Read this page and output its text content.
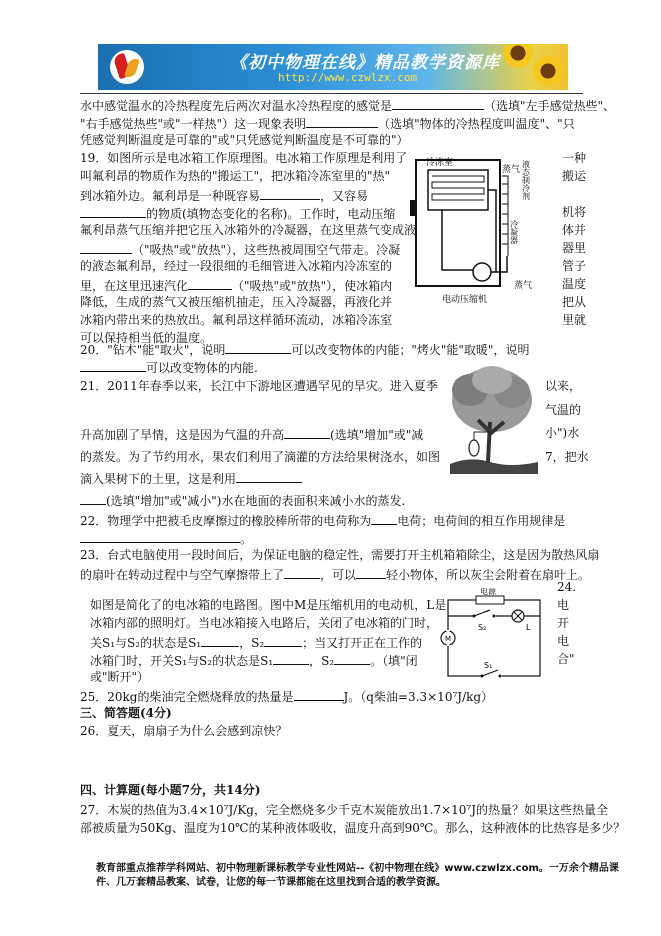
《初中物理在线》精品教学资源库
http://www.czwlzx.com
水中感觉温水的冷热程度先后两次对温水冷热程度的感觉是	（选填"左手感觉热些"、
"右手感觉热些"或"一样热"）这一现象表明	（选填"物体的冷热程度叫温度"、"只
凭感觉判断温度是可靠的"或"只凭感觉判断温度是不可靠的"）
19．如图所示是电冰箱工作原理图。电冰箱工作原理是利用了	一种
叫氟利昂的物质作为热的"搬运工"，把冰箱冷冻室里的"热"	搬运
到冰箱外边。氟利昂是一种既容易	，又容易
的物质(填物态变化的名称)。工作时，电动压缩	机将
氟利昂蒸气压缩并把它压入冰箱外的冷凝器，在这里蒸气变成液	体并
（"吸热"或"放热"），这些热被周围空气带走。冷凝	器里
的液态氟利昂，经过一段很细的毛细管进入冰箱内冷冻室的	管子
里，在这里迅速汽化	（"吸热"或"放热"），使冰箱内	温度
降低，生成的蒸气又被压缩机抽走，压入冷凝器，再液化并	把从
冰箱内带出来的热放出。氟利昂这样循环流动，冰箱冷冻室	里就
可以保持相当低的温度。
冷冻室
蒸气 液态制冷剂
冷凝器
蒸气
电动压缩机
20．"钻木"能"取火"，说明	可以改变物体的内能；"烤火"能"取暖"，说明
可以改变物体的内能.
21．2011年春季以来，长江中下游地区遭遇罕见的旱灾。进入夏季	以来，
气温的
升高加剧了旱情，这是因为气温的升高	(选填"增加"或"减	小")水
的蒸发。为了节约用水，果农们利用了滴灌的方法给果树浇水，如图	7，把水
滴入果树下的土里，这是利用
(选填"增加"或"减小")水在地面的表面积来减小水的蒸发.
22．物理学中把被毛皮摩擦过的橡胶棒所带的电荷称为 电荷；电荷间的相互作用规律是
。
23．台式电脑使用一段时间后，为保证电脑的稳定性，需要打开主机箱箱除尘，这是因为散热风扇
的扇叶在转动过程中与空气摩擦带上了	，可以	轻小物体，所以灰尘会附着在扇叶上。
24.
如图是简化了的电冰箱的电路图。图中M是压缩机用的电动机，L是	电
冰箱内部的照明灯。当电冰箱接入电路后，关闭了电冰箱的门时，	开
关S₁与S₂的状态是S₁	，S₂	；当又打开正在工作的	电
冰箱门时，开关S₁与S₂的状态是S₁	，S₂	。（填"闭	合"
或"断开"）
电源
M
L
S₂
S₁
25．20kg的柴油完全燃烧释放的热量是	J。（q柴油=3.3×10⁷J/kg）
三、简答题(4分)
26．夏天，扇扇子为什么会感到凉快？
四、计算题(每小题7分，共14分)
27．木炭的热值为3.4×10⁷J/Kg，完全燃烧多少千克木炭能放出1.7×10⁷J的热量？如果这些热量全
部被质量为50Kg、温度为10℃的某种液体吸收，温度升高到90℃。那么，这种液体的比热容是多少？
教育部重点推荐学科网站、初中物理新课标教学专业性网站--《初中物理在线》www.czwlzx.com。一万余个精品课
件、几万套精品教案、试卷，让您的每一节课都能在这里找到合适的教学资源。
